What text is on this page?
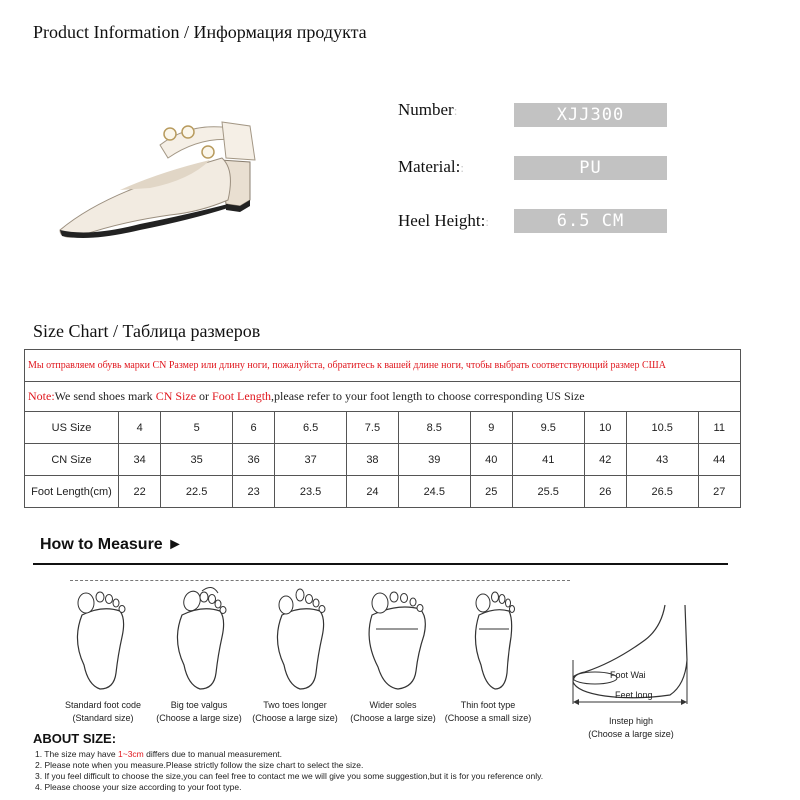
Product Information / Информация продукта
Number:	XJJ300
Material::	PU
Heel Height::	6.5 CM
Size Chart / Таблица размеров
Мы отправляем обувь марки CN Размер или длину ноги, пожалуйста, обратитесь к вашей длине ноги, чтобы выбрать соответствующий размер США											
Note:We send shoes mark CN Size or Foot Length,please refer to your foot length to choose corresponding US Size											
US Size	4	5	6	6.5	7.5	8.5	9	9.5	10	10.5	11
CN Size	34	35	36	37	38	39	40	41	42	43	44
Foot Length(cm)	22	22.5	23	23.5	24	24.5	25	25.5	26	26.5	27
How to Measure ►
Foot Wai
Feet long
Standard foot code
(Standard size)
Big toe valgus
(Choose a large size)
Two toes longer
(Choose a large size)
Wider soles
(Choose a large size)
Thin foot type
(Choose a small size)	Instep high
(Choose a large size)
ABOUT SIZE:
1. The size may have 1~3cm differs due to manual measurement.
2. Please note when you measure.Please strictly follow the size chart to select the size.
3. If you feel difficult to choose the size,you can feel free to contact me we will give you some suggestion,but it is for you reference only.
4. Please choose your size according to your foot type.
